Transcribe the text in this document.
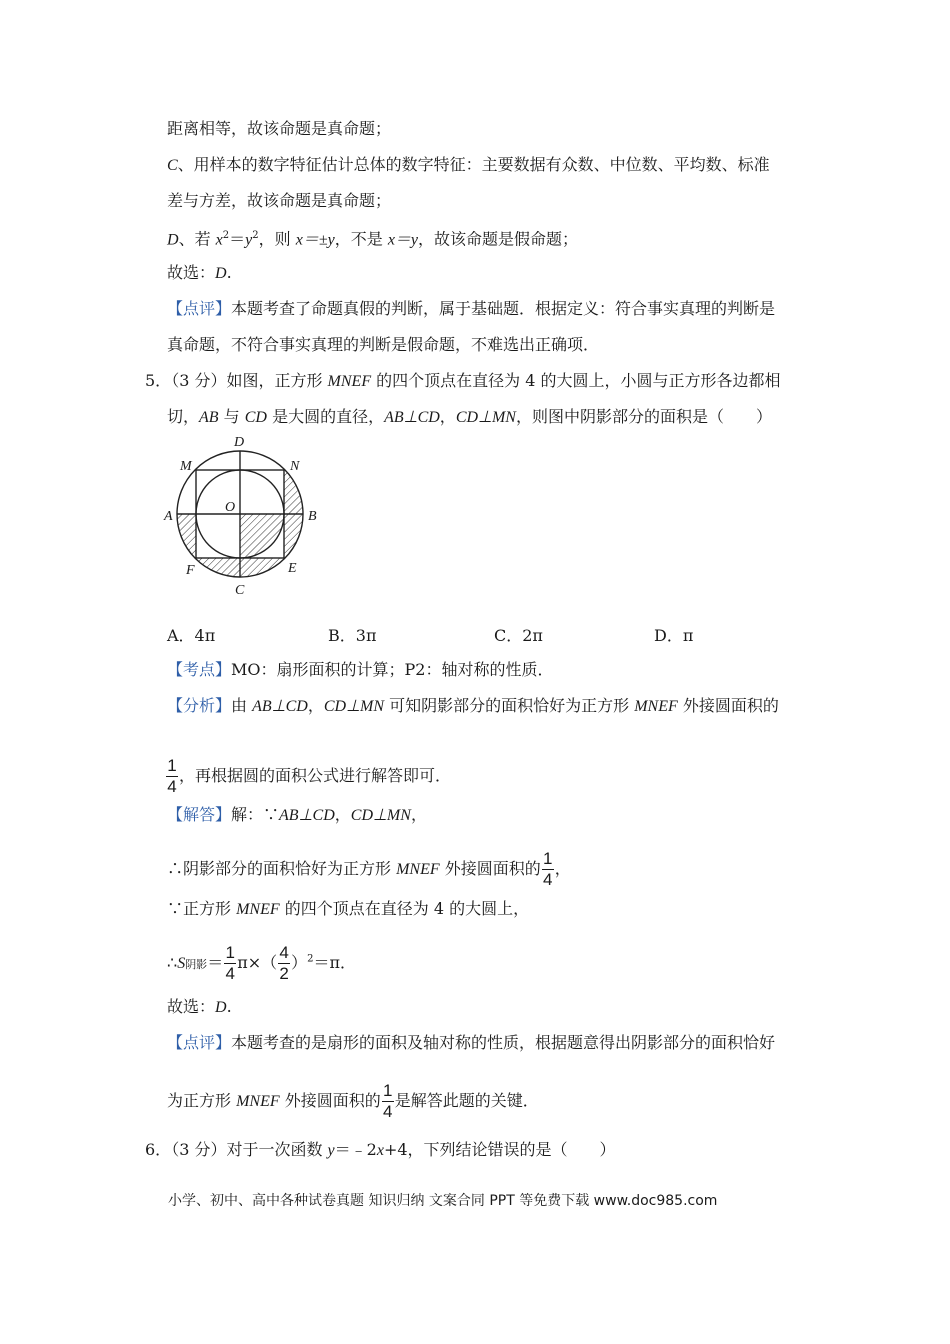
距离相等，故该命题是真命题；
C、用样本的数字特征估计总体的数字特征：主要数据有众数、中位数、平均数、标准
差与方差，故该命题是真命题；
D、若 $x^2=y^2$，则 x＝±y，不是 x＝y，故该命题是假命题；
故选：D.
【点评】本题考查了命题真假的判断，属于基础题．根据定义：符合事实真理的判断是
真命题，不符合事实真理的判断是假命题，不难选出正确项．
5．（3 分）如图，正方形 MNEF 的四个顶点在直径为 4 的大圆上，小圆与正方形各边都相
切，AB 与 CD 是大圆的直径，AB⊥CD，CD⊥MN，则图中阴影部分的面积是（　　）
D
M	N
O
A	B
F	E
C
A．4π	B．3π	C．2π	D．π
【考点】MO：扇形面积的计算；P2：轴对称的性质．
【分析】由 AB⊥CD，CD⊥MN 可知阴影部分的面积恰好为正方形 MNEF 外接圆面积的
$\frac{1}{4}$ ，再根据圆的面积公式进行解答即可．
【解答】解：∵AB⊥CD，CD⊥MN，
∴阴影部分的面积恰好为正方形 MNEF 外接圆面积的 $\frac{1}{4}$ ，
∵正方形 MNEF 的四个顶点在直径为 4 的大圆上，
∴S阴影＝ $\frac{1}{4} \pi\times( \frac{4}{2} )^2=\pi$．
故选：D.
【点评】本题考查的是扇形的面积及轴对称的性质，根据题意得出阴影部分的面积恰好
为正方形 MNEF 外接圆面积的 $\frac{1}{4}$ 是解答此题的关键．
6．（3 分）对于一次函数 y＝﹣2x+4，下列结论错误的是（　　）
小学、初中、高中各种试卷真题 知识归纳 文案合同 PPT 等免费下载 www.doc985.com
